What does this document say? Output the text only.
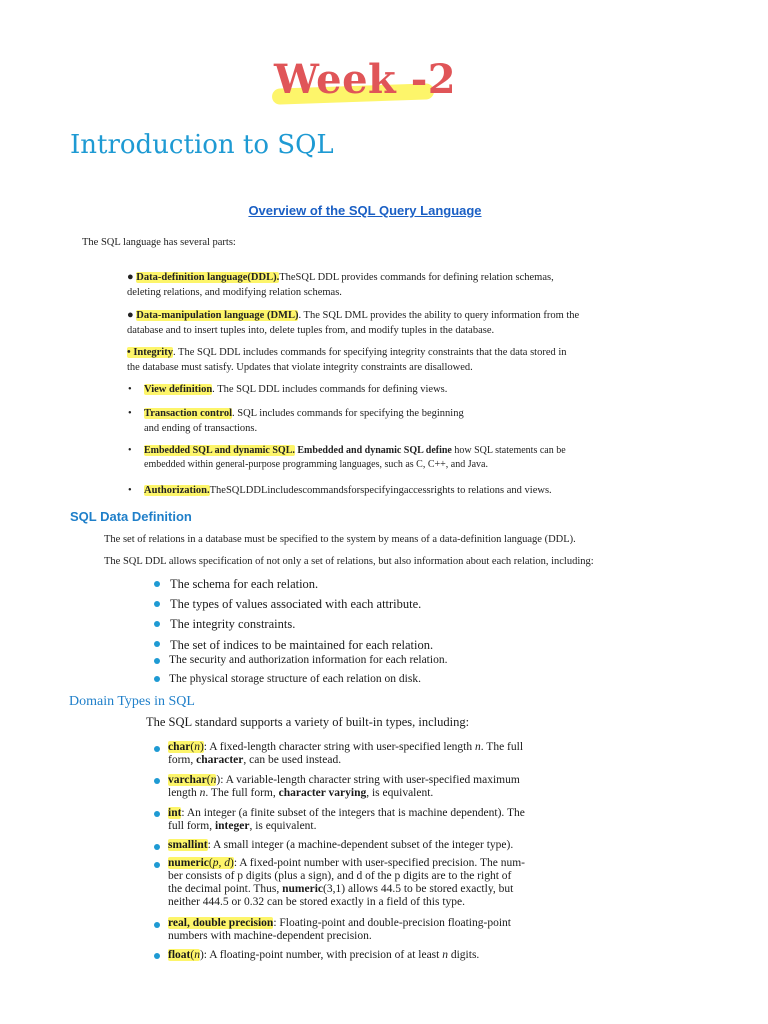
Week -2
Introduction to SQL
Overview of the SQL Query Language
The SQL language has several parts:
● Data-definition language(DDL).TheSQL DDL provides commands for defining relation schemas,
deleting relations, and modifying relation schemas.
● Data-manipulation language (DML). The SQL DML provides the ability to query information from the
database and to insert tuples into, delete tuples from, and modify tuples in the database.
• Integrity. The SQL DDL includes commands for specifying integrity constraints that the data stored in
the database must satisfy. Updates that violate integrity constraints are disallowed.
• View definition. The SQL DDL includes commands for defining views.
• Transaction control. SQL includes commands for specifying the beginning
and ending of transactions.
• Embedded SQL and dynamic SQL. Embedded and dynamic SQL define how SQL statements can be
embedded within general-purpose programming languages, such as C, C++, and Java.
• Authorization.TheSQLDDLincludescommandsforspecifyingaccessrights to relations and views.
SQL Data Definition
The set of relations in a database must be specified to the system by means of a data-definition language (DDL).
The SQL DDL allows specification of not only a set of relations, but also information about each relation, including:
The schema for each relation.
The types of values associated with each attribute.
The integrity constraints.
The set of indices to be maintained for each relation.
The security and authorization information for each relation.
The physical storage structure of each relation on disk.
Domain Types in SQL
The SQL standard supports a variety of built-in types, including:
char(n): A fixed-length character string with user-specified length n. The full
form, character, can be used instead.
varchar(n): A variable-length character string with user-specified maximum
length n. The full form, character varying, is equivalent.
int: An integer (a finite subset of the integers that is machine dependent). The
full form, integer, is equivalent.
smallint: A small integer (a machine-dependent subset of the integer type).
numeric(p, d): A fixed-point number with user-specified precision. The num-
ber consists of p digits (plus a sign), and d of the p digits are to the right of
the decimal point. Thus, numeric(3,1) allows 44.5 to be stored exactly, but
neither 444.5 or 0.32 can be stored exactly in a field of this type.
real, double precision: Floating-point and double-precision floating-point
numbers with machine-dependent precision.
float(n): A floating-point number, with precision of at least n digits.
